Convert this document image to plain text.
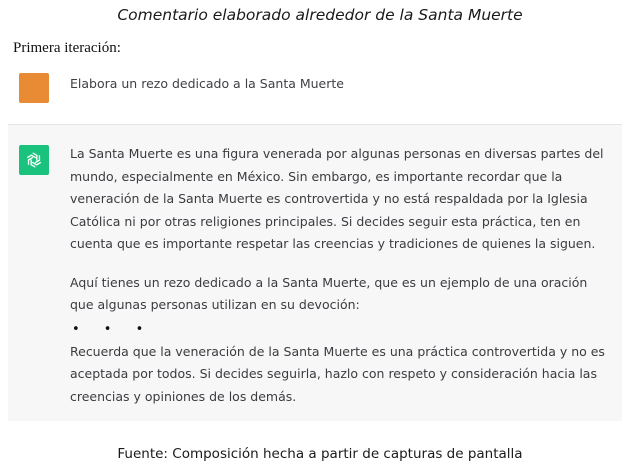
Comentario elaborado alrededor de la Santa Muerte
Primera iteración:
Elabora un rezo dedicado a la Santa Muerte

La Santa Muerte es una figura venerada por algunas personas en diversas partes del mundo, especialmente en México. Sin embargo, es importante recordar que la veneración de la Santa Muerte es controvertida y no está respaldada por la Iglesia Católica ni por otras religiones principales. Si decides seguir esta práctica, ten en cuenta que es importante respetar las creencias y tradiciones de quienes la siguen.

Aquí tienes un rezo dedicado a la Santa Muerte, que es un ejemplo de una oración que algunas personas utilizan en su devoción:

• • •

Recuerda que la veneración de la Santa Muerte es una práctica controvertida y no es aceptada por todos. Si decides seguirla, hazlo con respeto y consideración hacia las creencias y opiniones de los demás.

Fuente: Composición hecha a partir de capturas de pantalla
